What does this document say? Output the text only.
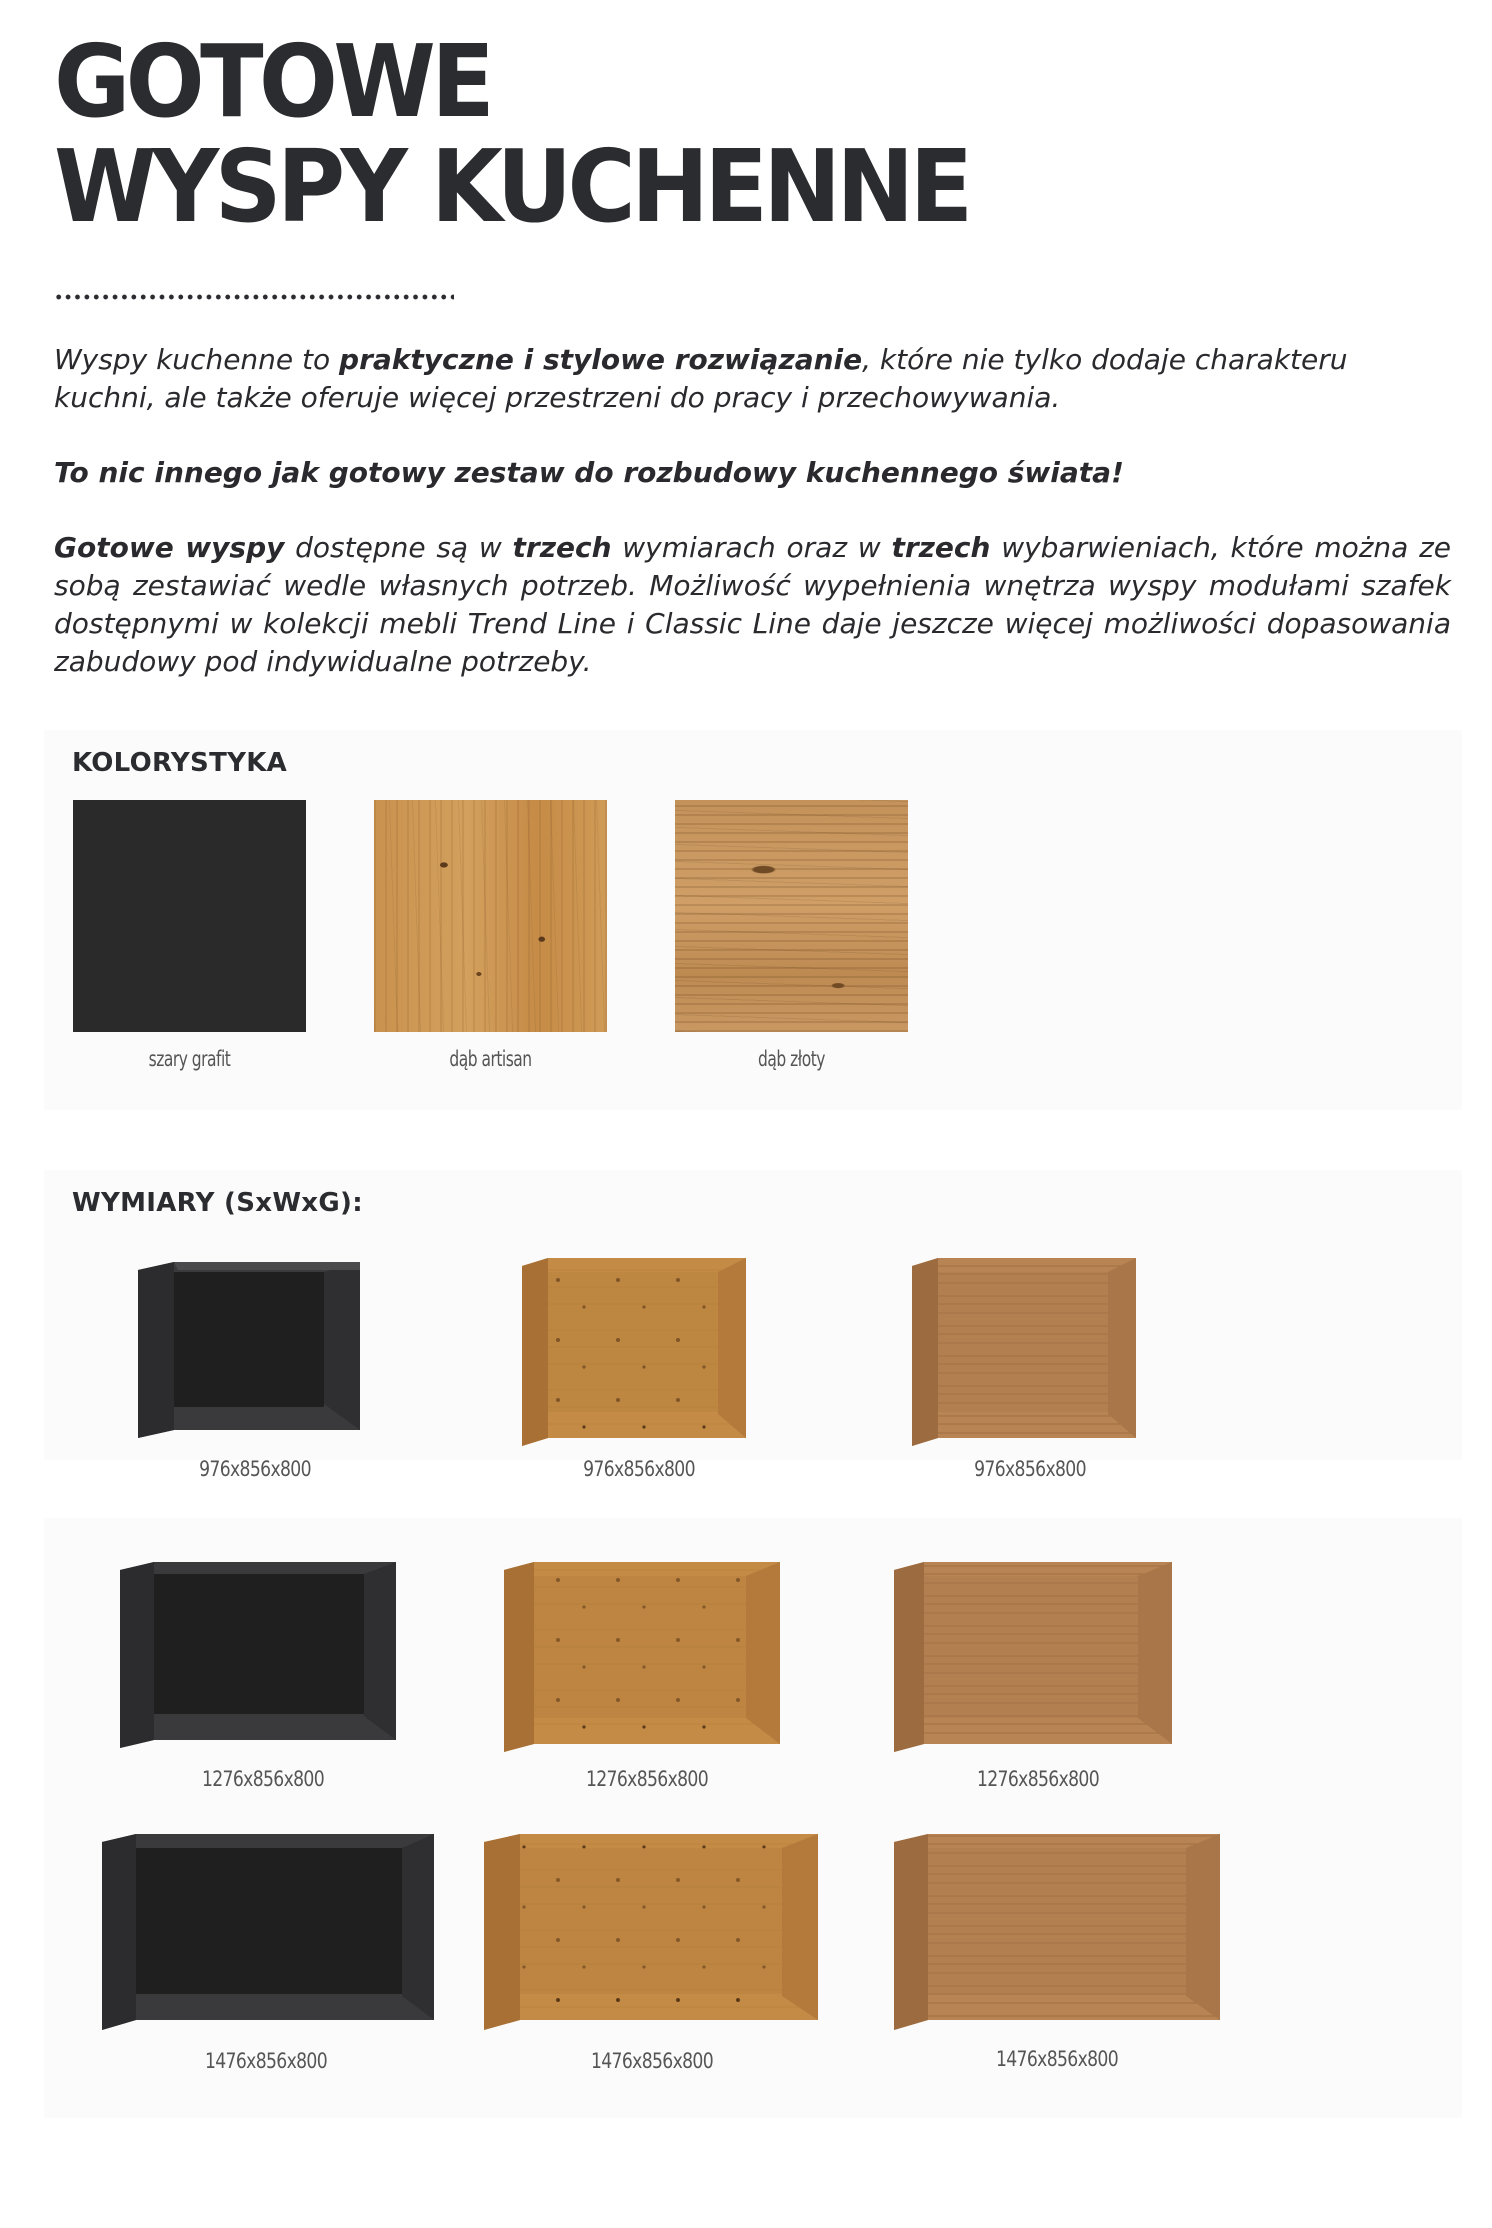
GOTOWE
WYSPY KUCHENNE
Wyspy kuchenne to praktyczne i stylowe rozwiązanie, które nie tylko dodaje charakteru kuchni, ale także oferuje więcej przestrzeni do pracy i przechowywania.
To nic innego jak gotowy zestaw do rozbudowy kuchennego świata!
Gotowe wyspy dostępne są w trzech wymiarach oraz w trzech wybarwieniach, które można ze sobą zestawiać wedle własnych potrzeb. Możliwość wypełnienia wnętrza wyspy modułami szafek dostępnymi w kolekcji mebli Trend Line i Classic Line daje jeszcze więcej możliwości dopasowania zabudowy pod indywidualne potrzeby.
KOLORYSTYKA
szary grafit	dąb artisan	dąb złoty
WYMIARY (SxWxG):
976x856x800	976x856x800	976x856x800
1276x856x800	1276x856x800	1276x856x800
1476x856x800	1476x856x800	1476x856x800
